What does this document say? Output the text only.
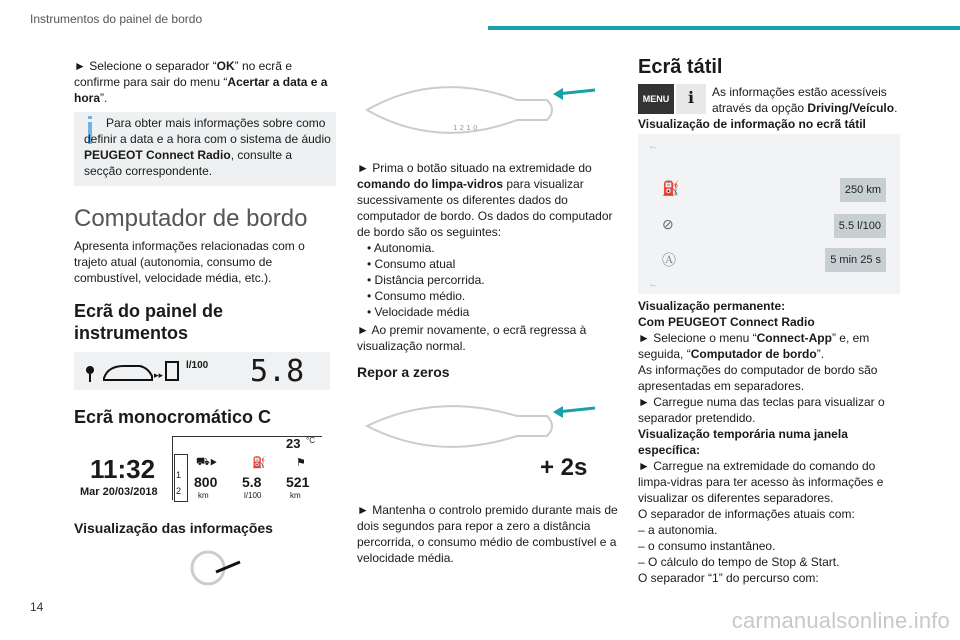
Instrumentos do painel de bordo
► Selecione o separador “OK” no ecrã e confirme para sair do menu “Acertar a data e a hora”.
Para obter mais informações sobre como definir a data e a hora com o sistema de áudio PEUGEOT Connect Radio, consulte a secção correspondente.
Computador de bordo
Apresenta informações relacionadas com o trajeto atual (autonomia, consumo de combustível, velocidade média, etc.).
Ecrã do painel de instrumentos
▸▸
l/100 5.8
Ecrã monocromático C
23 °C
11:32
Mar 20/03/2018
1
2
⛟▸	⛽	⚑
800
km
5.8
l/100
521
km
Visualização das informações
1 2 1 0
► Prima o botão situado na extremidade do comando do limpa-vidros para visualizar sucessivamente os diferentes dados do computador de bordo. Os dados do computador de bordo são os seguintes:
• Autonomia.
• Consumo atual
• Distância percorrida.
• Consumo médio.
• Velocidade média
► Ao premir novamente, o ecrã regressa à visualização normal.
Repor a zeros
+ 2s
► Mantenha o controlo premido durante mais de dois segundos para repor a zero a distância percorrida, o consumo médio de combustível e a velocidade média.
Ecrã tátil
MENU	ℹ	As informações estão acessíveis através da opção Driving/Veículo.
Visualização de informação no ecrã tátil
←
⛽	250 km
⊘	5.5 l/100
Ⓐ	5 min 25 s
←
Visualização permanente:
Com PEUGEOT Connect Radio
► Selecione o menu “Connect-App” e, em seguida, “Computador de bordo”.
As informações do computador de bordo são apresentadas em separadores.
► Carregue numa das teclas para visualizar o separador pretendido.
Visualização temporária numa janela específica:
► Carregue na extremidade do comando do limpa-vidras para ter acesso às informações e visualizar os diferentes separadores.
O separador de informações atuais com:
– a autonomia.
– o consumo instantâneo.
– O cálculo do tempo de Stop & Start.
O separador “1” do percurso com:
14
carmanualsonline.info
